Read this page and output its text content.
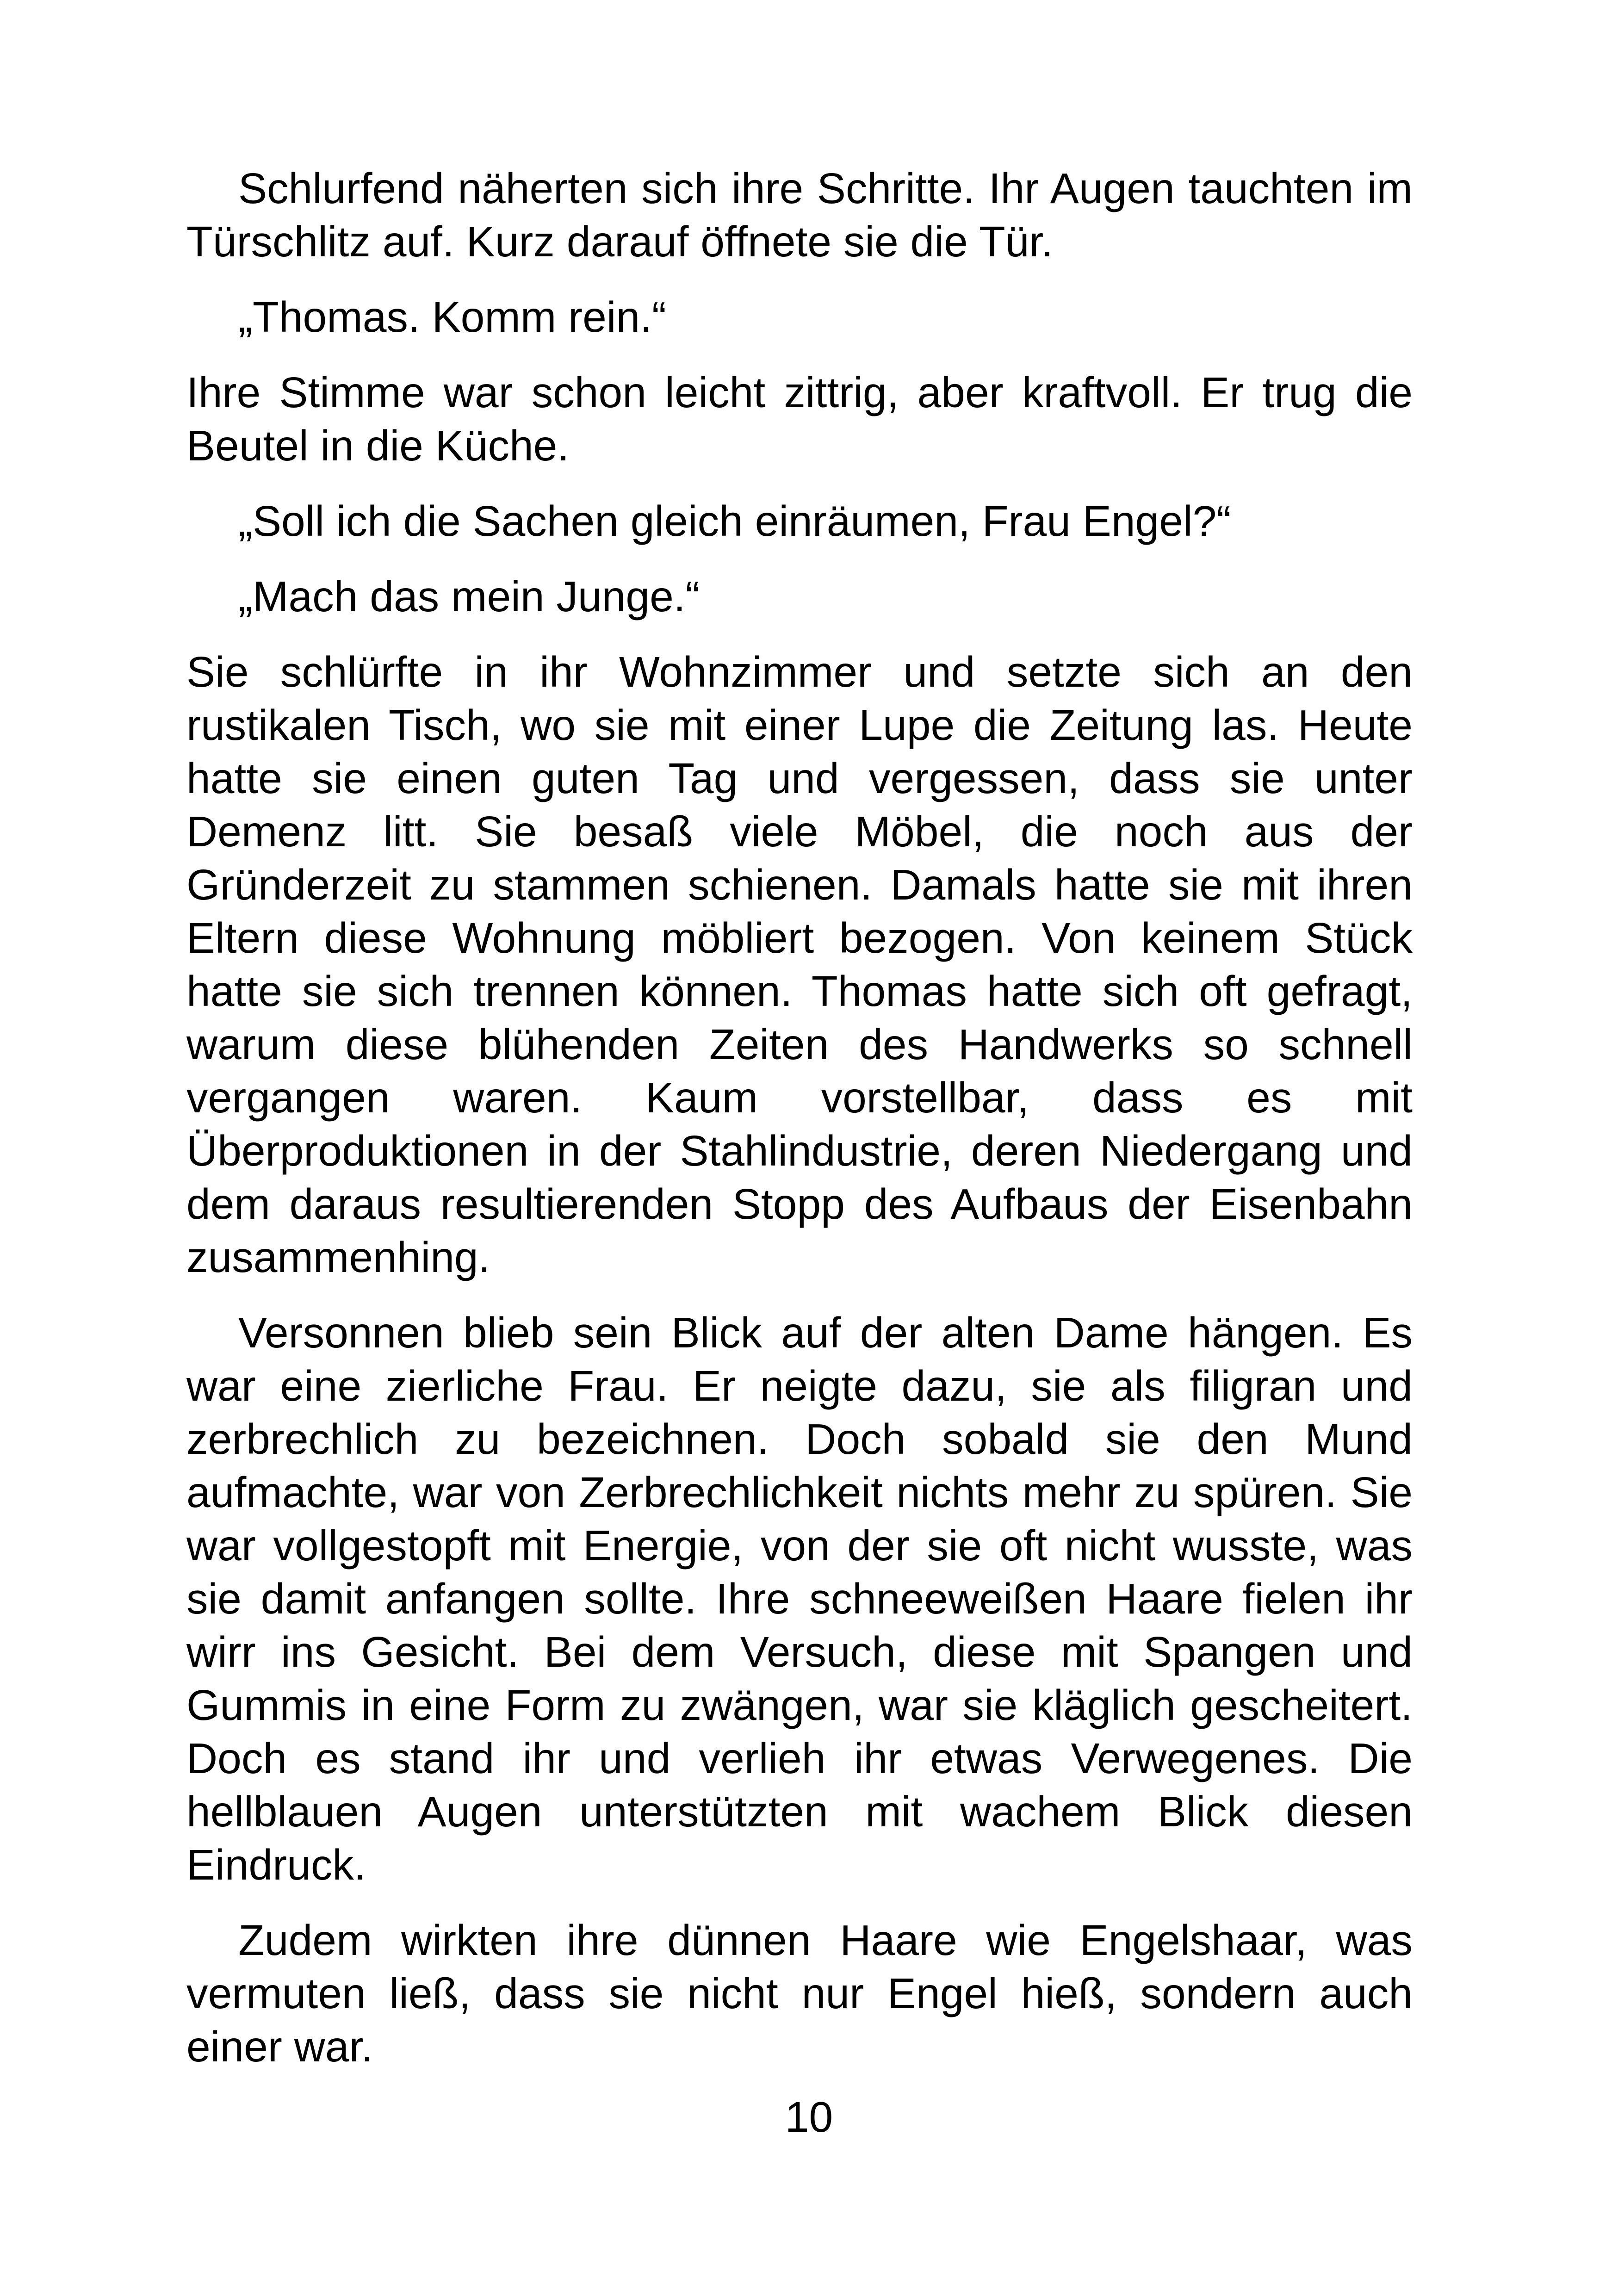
Schlurfend näherten sich ihre Schritte. Ihr Augen tauchten im Türschlitz auf. Kurz darauf öffnete sie die Tür.

„Thomas. Komm rein.“

Ihre Stimme war schon leicht zittrig, aber kraftvoll. Er trug die Beutel in die Küche.

„Soll ich die Sachen gleich einräumen, Frau Engel?“

„Mach das mein Junge.“

Sie schlürfte in ihr Wohnzimmer und setzte sich an den rustikalen Tisch, wo sie mit einer Lupe die Zeitung las. Heute hatte sie einen guten Tag und vergessen, dass sie unter Demenz litt. Sie besaß viele Möbel, die noch aus der Gründerzeit zu stammen schienen. Damals hatte sie mit ihren Eltern diese Wohnung möbliert bezogen. Von keinem Stück hatte sie sich trennen können. Thomas hatte sich oft gefragt, warum diese blühenden Zeiten des Handwerks so schnell vergangen waren. Kaum vorstellbar, dass es mit Überproduktionen in der Stahlindustrie, deren Niedergang und dem daraus resultierenden Stopp des Aufbaus der Eisenbahn zusammenhing.

Versonnen blieb sein Blick auf der alten Dame hängen. Es war eine zierliche Frau. Er neigte dazu, sie als filigran und zerbrechlich zu bezeichnen. Doch sobald sie den Mund aufmachte, war von Zerbrechlichkeit nichts mehr zu spüren. Sie war vollgestopft mit Energie, von der sie oft nicht wusste, was sie damit anfangen sollte. Ihre schneeweißen Haare fielen ihr wirr ins Gesicht. Bei dem Versuch, diese mit Spangen und Gummis in eine Form zu zwängen, war sie kläglich gescheitert. Doch es stand ihr und verlieh ihr etwas Verwegenes. Die hellblauen Augen unterstützten mit wachem Blick diesen Eindruck.

Zudem wirkten ihre dünnen Haare wie Engelshaar, was vermuten ließ, dass sie nicht nur Engel hieß, sondern auch einer war.

10
